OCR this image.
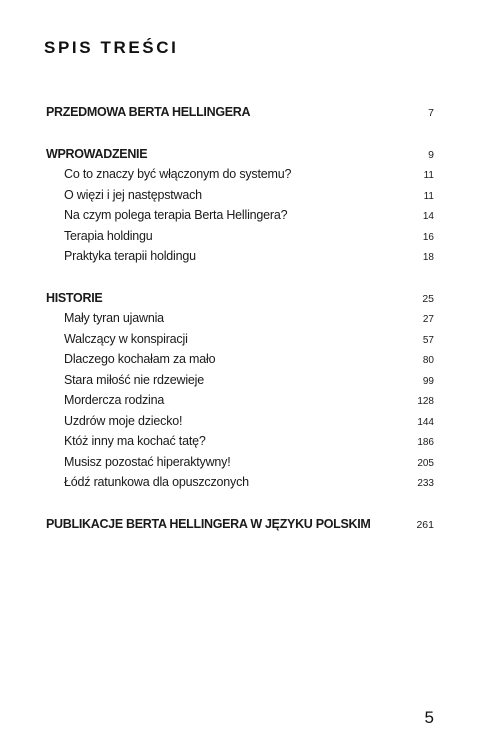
SPIS TREŚCI
PRZEDMOWA BERTA HELLINGERA	7
WPROWADZENIE	9
Co to znaczy być włączonym do systemu?	11
O więzi i jej następstwach	11
Na czym polega terapia Berta Hellingera?	14
Terapia holdingu	16
Praktyka terapii holdingu	18
HISTORIE	25
Mały tyran ujawnia	27
Walczący w konspiracji	57
Dlaczego kochałam za mało	80
Stara miłość nie rdzewieje	99
Mordercza rodzina	128
Uzdrów moje dziecko!	144
Któż inny ma kochać tatę?	186
Musisz pozostać hiperaktywny!	205
Łódź ratunkowa dla opuszczonych	233
PUBLIKACJE BERTA HELLINGERA W JĘZYKU POLSKIM	261
5
